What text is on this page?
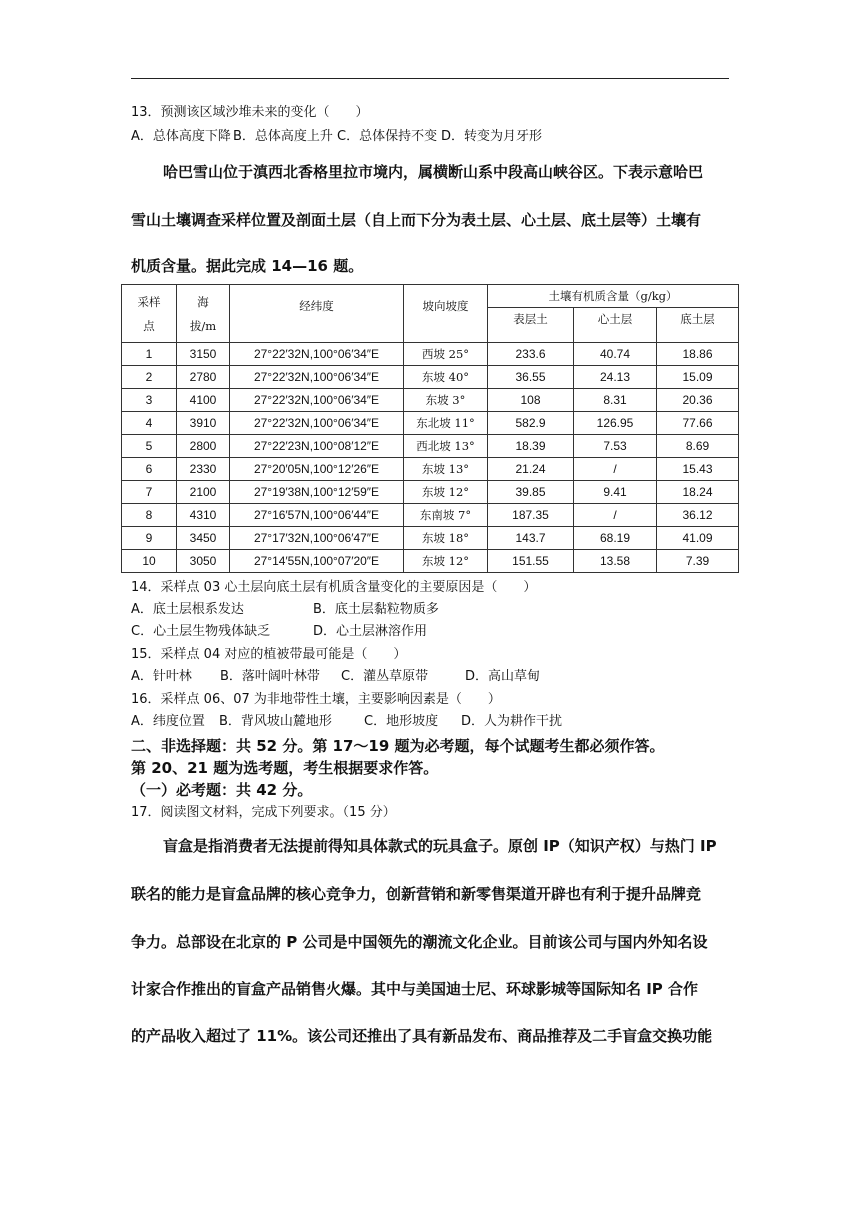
13．预测该区域沙堆未来的变化（　　）
A．总体高度下降 B．总体高度上升 C．总体保持不变 D．转变为月牙形
哈巴雪山位于滇西北香格里拉市境内，属横断山系中段高山峡谷区。下表示意哈巴
雪山土壤调查采样位置及剖面土层（自上而下分为表土层、心土层、底土层等）土壤有
机质含量。据此完成 14—16 题。
采样点	海拔/m	经纬度	坡向坡度	土壤有机质含量（g/kg）		
				表层土	心土层	底土层
1	3150	27°22′32N,100°06′34″E	西坡 25°	233.6	40.74	18.86
2	2780	27°22′32N,100°06′34″E	东坡 40°	36.55	24.13	15.09
3	4100	27°22′32N,100°06′34″E	东坡 3°	108	8.31	20.36
4	3910	27°22′32N,100°06′34″E	东北坡 11°	582.9	126.95	77.66
5	2800	27°22′23N,100°08′12″E	西北坡 13°	18.39	7.53	8.69
6	2330	27°20′05N,100°12′26″E	东坡 13°	21.24	/	15.43
7	2100	27°19′38N,100°12′59″E	东坡 12°	39.85	9.41	18.24
8	4310	27°16′57N,100°06′44″E	东南坡 7°	187.35	/	36.12
9	3450	27°17′32N,100°06′47″E	东坡 18°	143.7	68.19	41.09
10	3050	27°14′55N,100°07′20″E	东坡 12°	151.55	13.58	7.39
14．采样点 03 心土层向底土层有机质含量变化的主要原因是（　　）
A．底土层根系发达	B．底土层黏粒物质多
C．心土层生物残体缺乏	D．心土层淋溶作用
15．采样点 04 对应的植被带最可能是（　　）
A．针叶林 B．落叶阔叶林带 C．灌丛草原带	D．高山草甸
16．采样点 06、07 为非地带性土壤，主要影响因素是（　　）
A．纬度位置 B．背风坡山麓地形 C．地形坡度 D．人为耕作干扰
二、非选择题：共 52 分。第 17～19 题为必考题，每个试题考生都必须作答。
第 20、21 题为选考题，考生根据要求作答。
（一）必考题：共 42 分。
17．阅读图文材料，完成下列要求。（15 分）
盲盒是指消费者无法提前得知具体款式的玩具盒子。原创 IP（知识产权）与热门 IP
联名的能力是盲盒品牌的核心竞争力，创新营销和新零售渠道开辟也有利于提升品牌竞
争力。总部设在北京的 P 公司是中国领先的潮流文化企业。目前该公司与国内外知名设
计家合作推出的盲盒产品销售火爆。其中与美国迪士尼、环球影城等国际知名 IP 合作
的产品收入超过了 11%。该公司还推出了具有新品发布、商品推荐及二手盲盒交换功能
